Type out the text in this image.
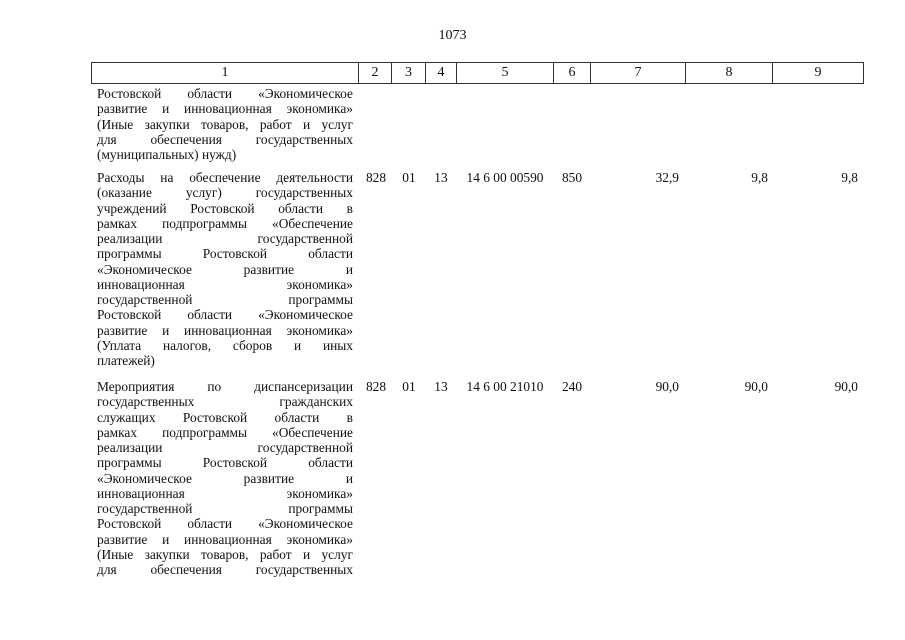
1073
1	2	3	4	5	6	7	8	9
Ростовской области «Экономическое
развитие и инновационная экономика»
(Иные закупки товаров, работ и услуг
для обеспечения государственных

(муниципальных) нужд)
Расходы на обеспечение деятельности
(оказание услуг) государственных
учреждений Ростовской области в
рамках подпрограммы «Обеспечение
реализации государственной
программы Ростовской области
«Экономическое развитие и
инновационная экономика»
государственной программы
Ростовской области «Экономическое
развитие и инновационная экономика»
(Уплата налогов, сборов и иных

платежей)
828	01	13	14 6 00 00590	850	32,9	9,8	9,8
Мероприятия по диспансеризации
государственных гражданских
служащих Ростовской области в
рамках подпрограммы «Обеспечение
реализации государственной
программы Ростовской области
«Экономическое развитие и
инновационная экономика»
государственной программы
Ростовской области «Экономическое
развитие и инновационная экономика»
(Иные закупки товаров, работ и услуг
для обеспечения государственных
828	01	13	14 6 00 21010	240	90,0	90,0	90,0
